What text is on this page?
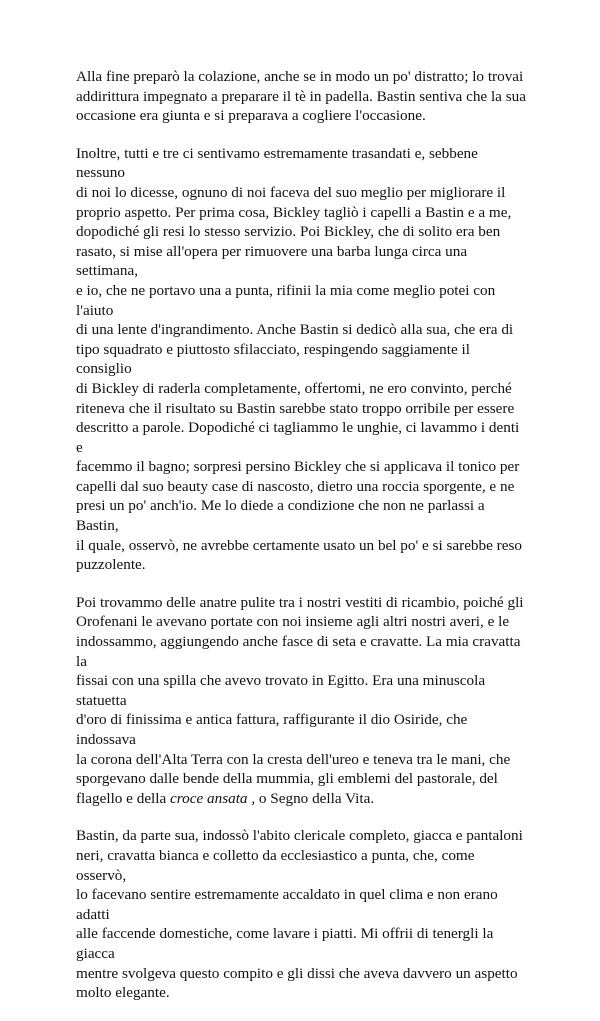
Alla fine preparò la colazione, anche se in modo un po' distratto; lo trovai
addirittura impegnato a preparare il tè in padella. Bastin sentiva che la sua
occasione era giunta e si preparava a cogliere l'occasione.

Inoltre, tutti e tre ci sentivamo estremamente trasandati e, sebbene nessuno
di noi lo dicesse, ognuno di noi faceva del suo meglio per migliorare il
proprio aspetto. Per prima cosa, Bickley tagliò i capelli a Bastin e a me,
dopodiché gli resi lo stesso servizio. Poi Bickley, che di solito era ben
rasato, si mise all'opera per rimuovere una barba lunga circa una settimana,
e io, che ne portavo una a punta, rifinii la mia come meglio potei con l'aiuto
di una lente d'ingrandimento. Anche Bastin si dedicò alla sua, che era di
tipo squadrato e piuttosto sfilacciato, respingendo saggiamente il consiglio
di Bickley di raderla completamente, offertomi, ne ero convinto, perché
riteneva che il risultato su Bastin sarebbe stato troppo orribile per essere
descritto a parole. Dopodiché ci tagliammo le unghie, ci lavammo i denti e
facemmo il bagno; sorpresi persino Bickley che si applicava il tonico per
capelli dal suo beauty case di nascosto, dietro una roccia sporgente, e ne
presi un po' anch'io. Me lo diede a condizione che non ne parlassi a Bastin,
il quale, osservò, ne avrebbe certamente usato un bel po' e si sarebbe reso
puzzolente.

Poi trovammo delle anatre pulite tra i nostri vestiti di ricambio, poiché gli
Orofenani le avevano portate con noi insieme agli altri nostri averi, e le
indossammo, aggiungendo anche fasce di seta e cravatte. La mia cravatta la
fissai con una spilla che avevo trovato in Egitto. Era una minuscola statuetta
d'oro di finissima e antica fattura, raffigurante il dio Osiride, che indossava
la corona dell'Alta Terra con la cresta dell'ureo e teneva tra le mani, che
sporgevano dalle bende della mummia, gli emblemi del pastorale, del
flagello e della croce ansata , o Segno della Vita.

Bastin, da parte sua, indossò l'abito clericale completo, giacca e pantaloni
neri, cravatta bianca e colletto da ecclesiastico a punta, che, come osservò,
lo facevano sentire estremamente accaldato in quel clima e non erano adatti
alle faccende domestiche, come lavare i piatti. Mi offrii di tenergli la giacca
mentre svolgeva questo compito e gli dissi che aveva davvero un aspetto
molto elegante.
